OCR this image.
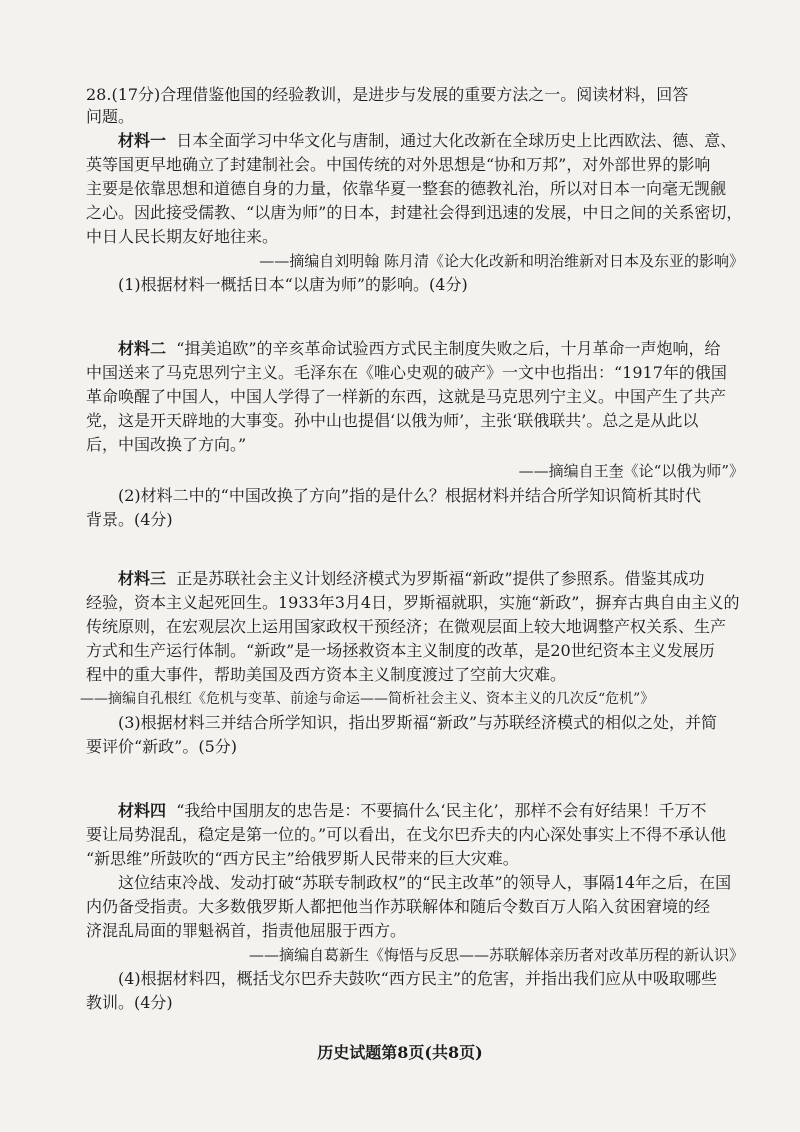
28.(17分)合理借鉴他国的经验教训，是进步与发展的重要方法之一。阅读材料，回答
问题。
材料一 日本全面学习中华文化与唐制，通过大化改新在全球历史上比西欧法、德、意、
英等国更早地确立了封建制社会。中国传统的对外思想是“协和万邦”，对外部世界的影响
主要是依靠思想和道德自身的力量，依靠华夏一整套的德教礼治，所以对日本一向毫无觊觎
之心。因此接受儒教、“以唐为师”的日本，封建社会得到迅速的发展，中日之间的关系密切，
中日人民长期友好地往来。
——摘编自刘明翰 陈月清《论大化改新和明治维新对日本及东亚的影响》
(1)根据材料一概括日本“以唐为师”的影响。(4分)
材料二 “揖美追欧”的辛亥革命试验西方式民主制度失败之后，十月革命一声炮响，给
中国送来了马克思列宁主义。毛泽东在《唯心史观的破产》一文中也指出：“1917年的俄国
革命唤醒了中国人，中国人学得了一样新的东西，这就是马克思列宁主义。中国产生了共产
党，这是开天辟地的大事变。孙中山也提倡‘以俄为师’，主张‘联俄联共’。总之是从此以
后，中国改换了方向。”
——摘编自王奎《论“以俄为师”》
(2)材料二中的“中国改换了方向”指的是什么？根据材料并结合所学知识简析其时代
背景。(4分)
材料三 正是苏联社会主义计划经济模式为罗斯福“新政”提供了参照系。借鉴其成功
经验，资本主义起死回生。1933年3月4日，罗斯福就职，实施“新政”，摒弃古典自由主义的
传统原则，在宏观层次上运用国家政权干预经济；在微观层面上较大地调整产权关系、生产
方式和生产运行体制。“新政”是一场拯救资本主义制度的改革，是20世纪资本主义发展历
程中的重大事件，帮助美国及西方资本主义制度渡过了空前大灾难。
——摘编自孔根红《危机与变革、前途与命运——简析社会主义、资本主义的几次反“危机”》
(3)根据材料三并结合所学知识，指出罗斯福“新政”与苏联经济模式的相似之处，并简
要评价“新政”。(5分)
材料四 “我给中国朋友的忠告是：不要搞什么‘民主化’，那样不会有好结果！千万不
要让局势混乱，稳定是第一位的。”可以看出，在戈尔巴乔夫的内心深处事实上不得不承认他
“新思维”所鼓吹的“西方民主”给俄罗斯人民带来的巨大灾难。
这位结束冷战、发动打破“苏联专制政权”的“民主改革”的领导人，事隔14年之后，在国
内仍备受指责。大多数俄罗斯人都把他当作苏联解体和随后令数百万人陷入贫困窘境的经
济混乱局面的罪魁祸首，指责他屈服于西方。
——摘编自葛新生《悔悟与反思——苏联解体亲历者对改革历程的新认识》
(4)根据材料四，概括戈尔巴乔夫鼓吹“西方民主”的危害，并指出我们应从中吸取哪些
教训。(4分)
历史试题第8页(共8页)
